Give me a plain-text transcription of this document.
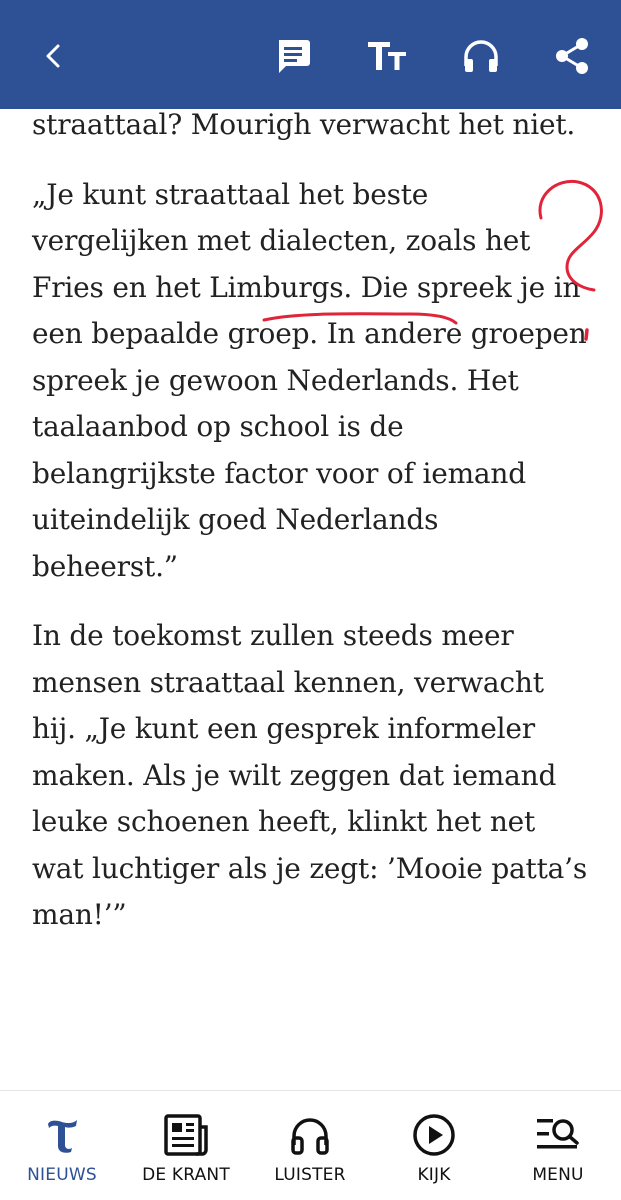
straattaal? Mourigh verwacht het niet.

„Je kunt straattaal het beste vergelijken met dialecten, zoals het Fries en het Limburgs. Die spreek je in een bepaalde groep. In andere groepen spreek je gewoon Nederlands. Het taalaanbod op school is de belangrijkste factor voor of iemand uiteindelijk goed Nederlands beheerst.”

In de toekomst zullen steeds meer mensen straattaal kennen, verwacht hij. „Je kunt een gesprek informeler maken. Als je wilt zeggen dat iemand leuke schoenen heeft, klinkt het net wat luchtiger als je zegt: ’Mooie patta’s man!’”

NIEUWS	DE KRANT	LUISTER	KIJK	MENU
